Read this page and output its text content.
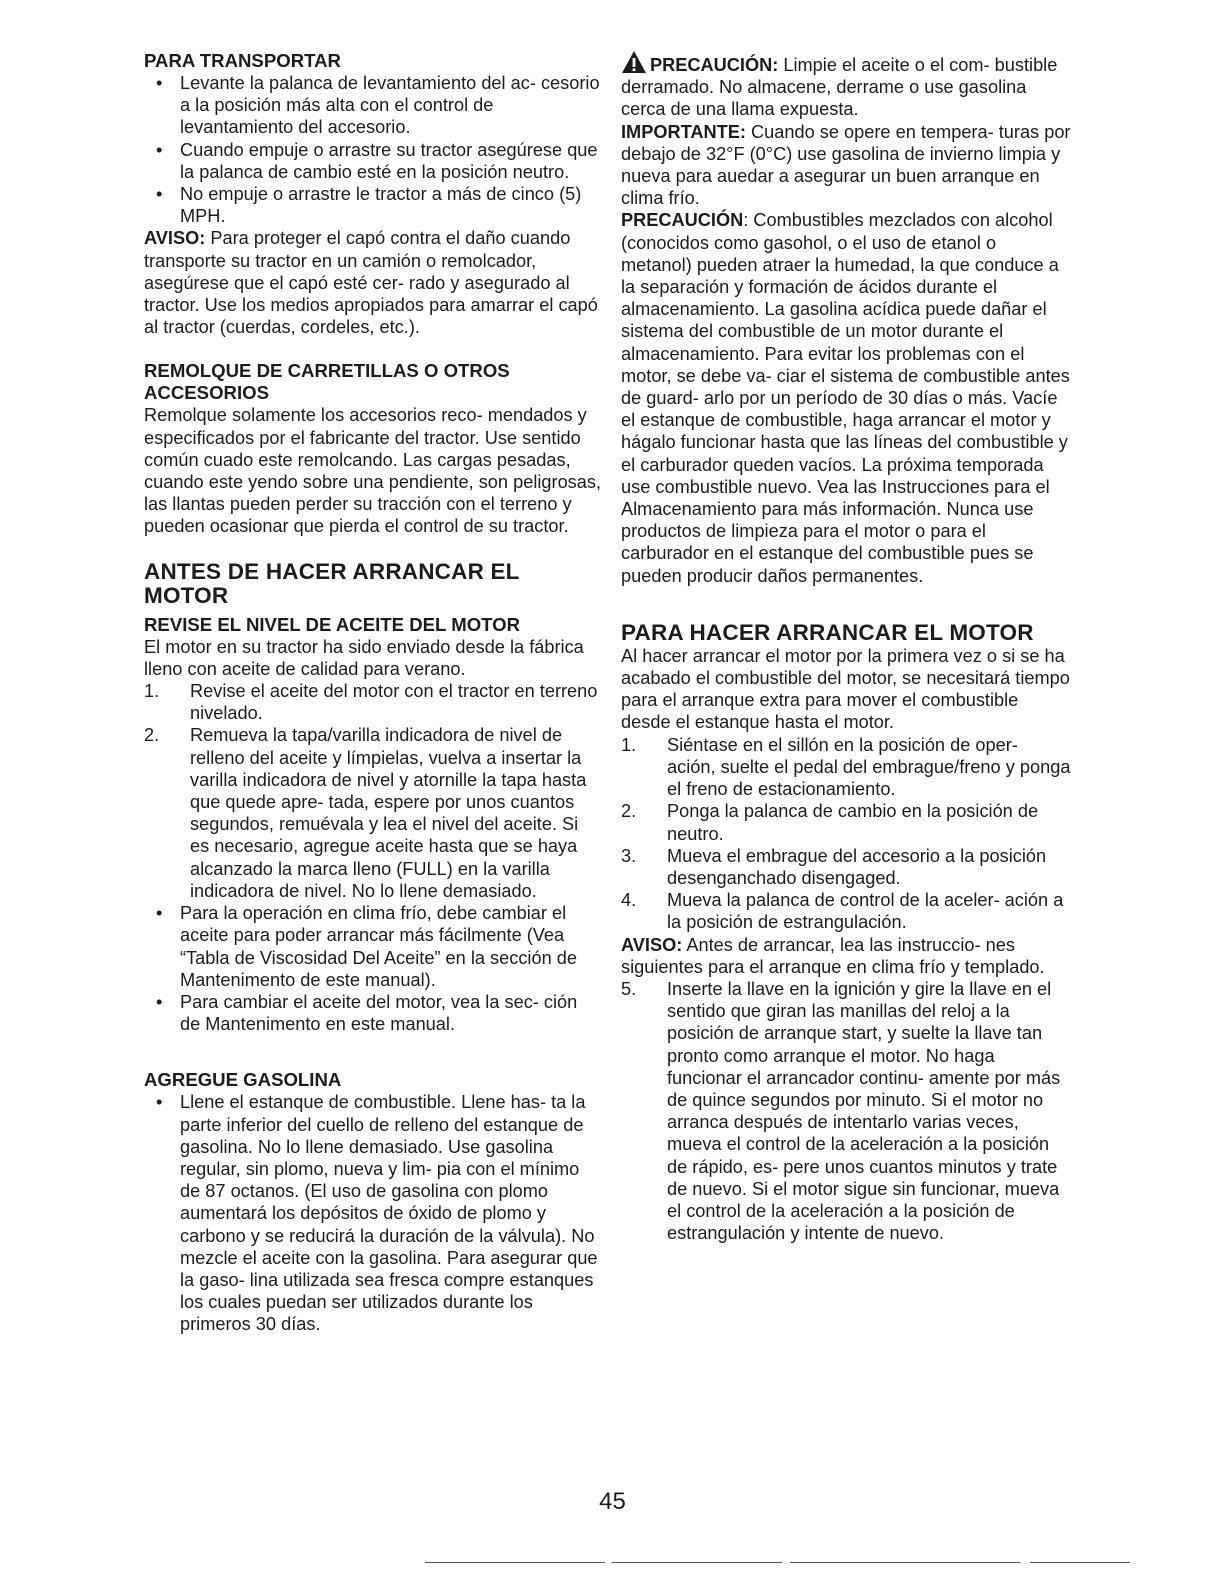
PARA TRANSPORTAR
• Levante la palanca de levantamiento del ac- cesorio a la posición más alta con el control de levantamiento del accesorio.
• Cuando empuje o arrastre su tractor asegúrese que la palanca de cambio esté en la posición neutro.
• No empuje o arrastre le tractor a más de cinco (5) MPH.

AVISO: Para proteger el capó contra el daño cuando transporte su tractor en un camión o remolcador, asegúrese que el capó esté cer- rado y asegurado al tractor. Use los medios apropiados para amarrar el capó al tractor (cuerdas, cordeles, etc.).

REMOLQUE DE CARRETILLAS O OTROS ACCESORIOS

Remolque solamente los accesorios reco- mendados y especificados por el fabricante del tractor. Use sentido común cuado este remolcando. Las cargas pesadas, cuando este yendo sobre una pendiente, son peligrosas, las llantas pueden perder su tracción con el terreno y pueden ocasionar que pierda el control de su tractor.

ANTES DE HACER ARRANCAR EL MOTOR
REVISE EL NIVEL DE ACEITE DEL MOTOR

El motor en su tractor ha sido enviado desde la fábrica lleno con aceite de calidad para verano.

1.	Revise el aceite del motor con el tractor en terreno nivelado.
2.	Remueva la tapa/varilla indicadora de nivel de relleno del aceite y límpielas, vuelva a insertar la varilla indicadora de nivel y atornille la tapa hasta que quede apre- tada, espere por unos cuantos segundos, remuévala y lea el nivel del aceite. Si es necesario, agregue aceite hasta que se haya alcanzado la marca lleno (FULL) en la varilla indicadora de nivel. No lo llene demasiado.
• Para la operación en clima frío, debe cambiar el aceite para poder arrancar más fácilmente (Vea “Tabla de Viscosidad Del Aceite” en la sección de Mantenimento de este manual).
• Para cambiar el aceite del motor, vea la sec- ción de Mantenimento en este manual.
AGREGUE GASOLINA
• Llene el estanque de combustible. Llene has- ta la parte inferior del cuello de relleno del estanque de gasolina. No lo llene demasiado. Use gasolina regular, sin plomo, nueva y lim- pia con el mínimo de 87 octanos. (El uso de gasolina con plomo aumentará los depósitos de óxido de plomo y carbono y se reducirá la duración de la válvula). No mezcle el aceite con la gasolina. Para asegurar que la gaso- lina utilizada sea fresca compre estanques los cuales puedan ser utilizados durante los primeros 30 días.

PRECAUCIÓN: Limpie el aceite o el com- bustible derramado. No almacene, derrame o use gasolina cerca de una llama expuesta.

IMPORTANTE: Cuando se opere en tempera- turas por debajo de 32°F (0°C) use gasolina de invierno limpia y nueva para auedar a asegurar un buen arranque en clima frío.

PRECAUCIÓN: Combustibles mezclados con alcohol (conocidos como gasohol, o el uso de etanol o metanol) pueden atraer la humedad, la que conduce a la separación y formación de ácidos durante el almacenamiento. La gasolina acídica puede dañar el sistema del combustible de un motor durante el almacenamiento. Para evitar los problemas con el motor, se debe va- ciar el sistema de combustible antes de guard- arlo por un período de 30 días o más. Vacíe el estanque de combustible, haga arrancar el motor y hágalo funcionar hasta que las líneas del combustible y el carburador queden vacíos. La próxima temporada use combustible nuevo. Vea las Instrucciones para el Almacenamiento para más información. Nunca use productos de limpieza para el motor o para el carburador en el estanque del combustible pues se pueden producir daños permanentes.

PARA HACER ARRANCAR EL MOTOR

Al hacer arrancar el motor por la primera vez o si se ha acabado el combustible del motor, se necesitará tiempo para el arranque extra para mover el combustible desde el estanque hasta el motor.

1.	Siéntase en el sillón en la posición de oper- ación, suelte el pedal del embrague/freno y ponga el freno de estacionamiento.
2.	Ponga la palanca de cambio en la posición de neutro.
3.	Mueva el embrague del accesorio a la posición desenganchado disengaged.
4.	Mueva la palanca de control de la aceler- ación a la posición de estrangulación.

AVISO: Antes de arrancar, lea las instruccio- nes siguientes para el arranque en clima frío y templado.

5.	Inserte la llave en la ignición y gire la llave en el sentido que giran las manillas del reloj a la posición de arranque start, y suelte la llave tan pronto como arranque el motor. No haga funcionar el arrancador continu- amente por más de quince segundos por minuto. Si el motor no arranca después de intentarlo varias veces, mueva el control de la aceleración a la posición de rápido, es- pere unos cuantos minutos y trate de nuevo. Si el motor sigue sin funcionar, mueva el control de la aceleración a la posición de estrangulación y intente de nuevo.
45
